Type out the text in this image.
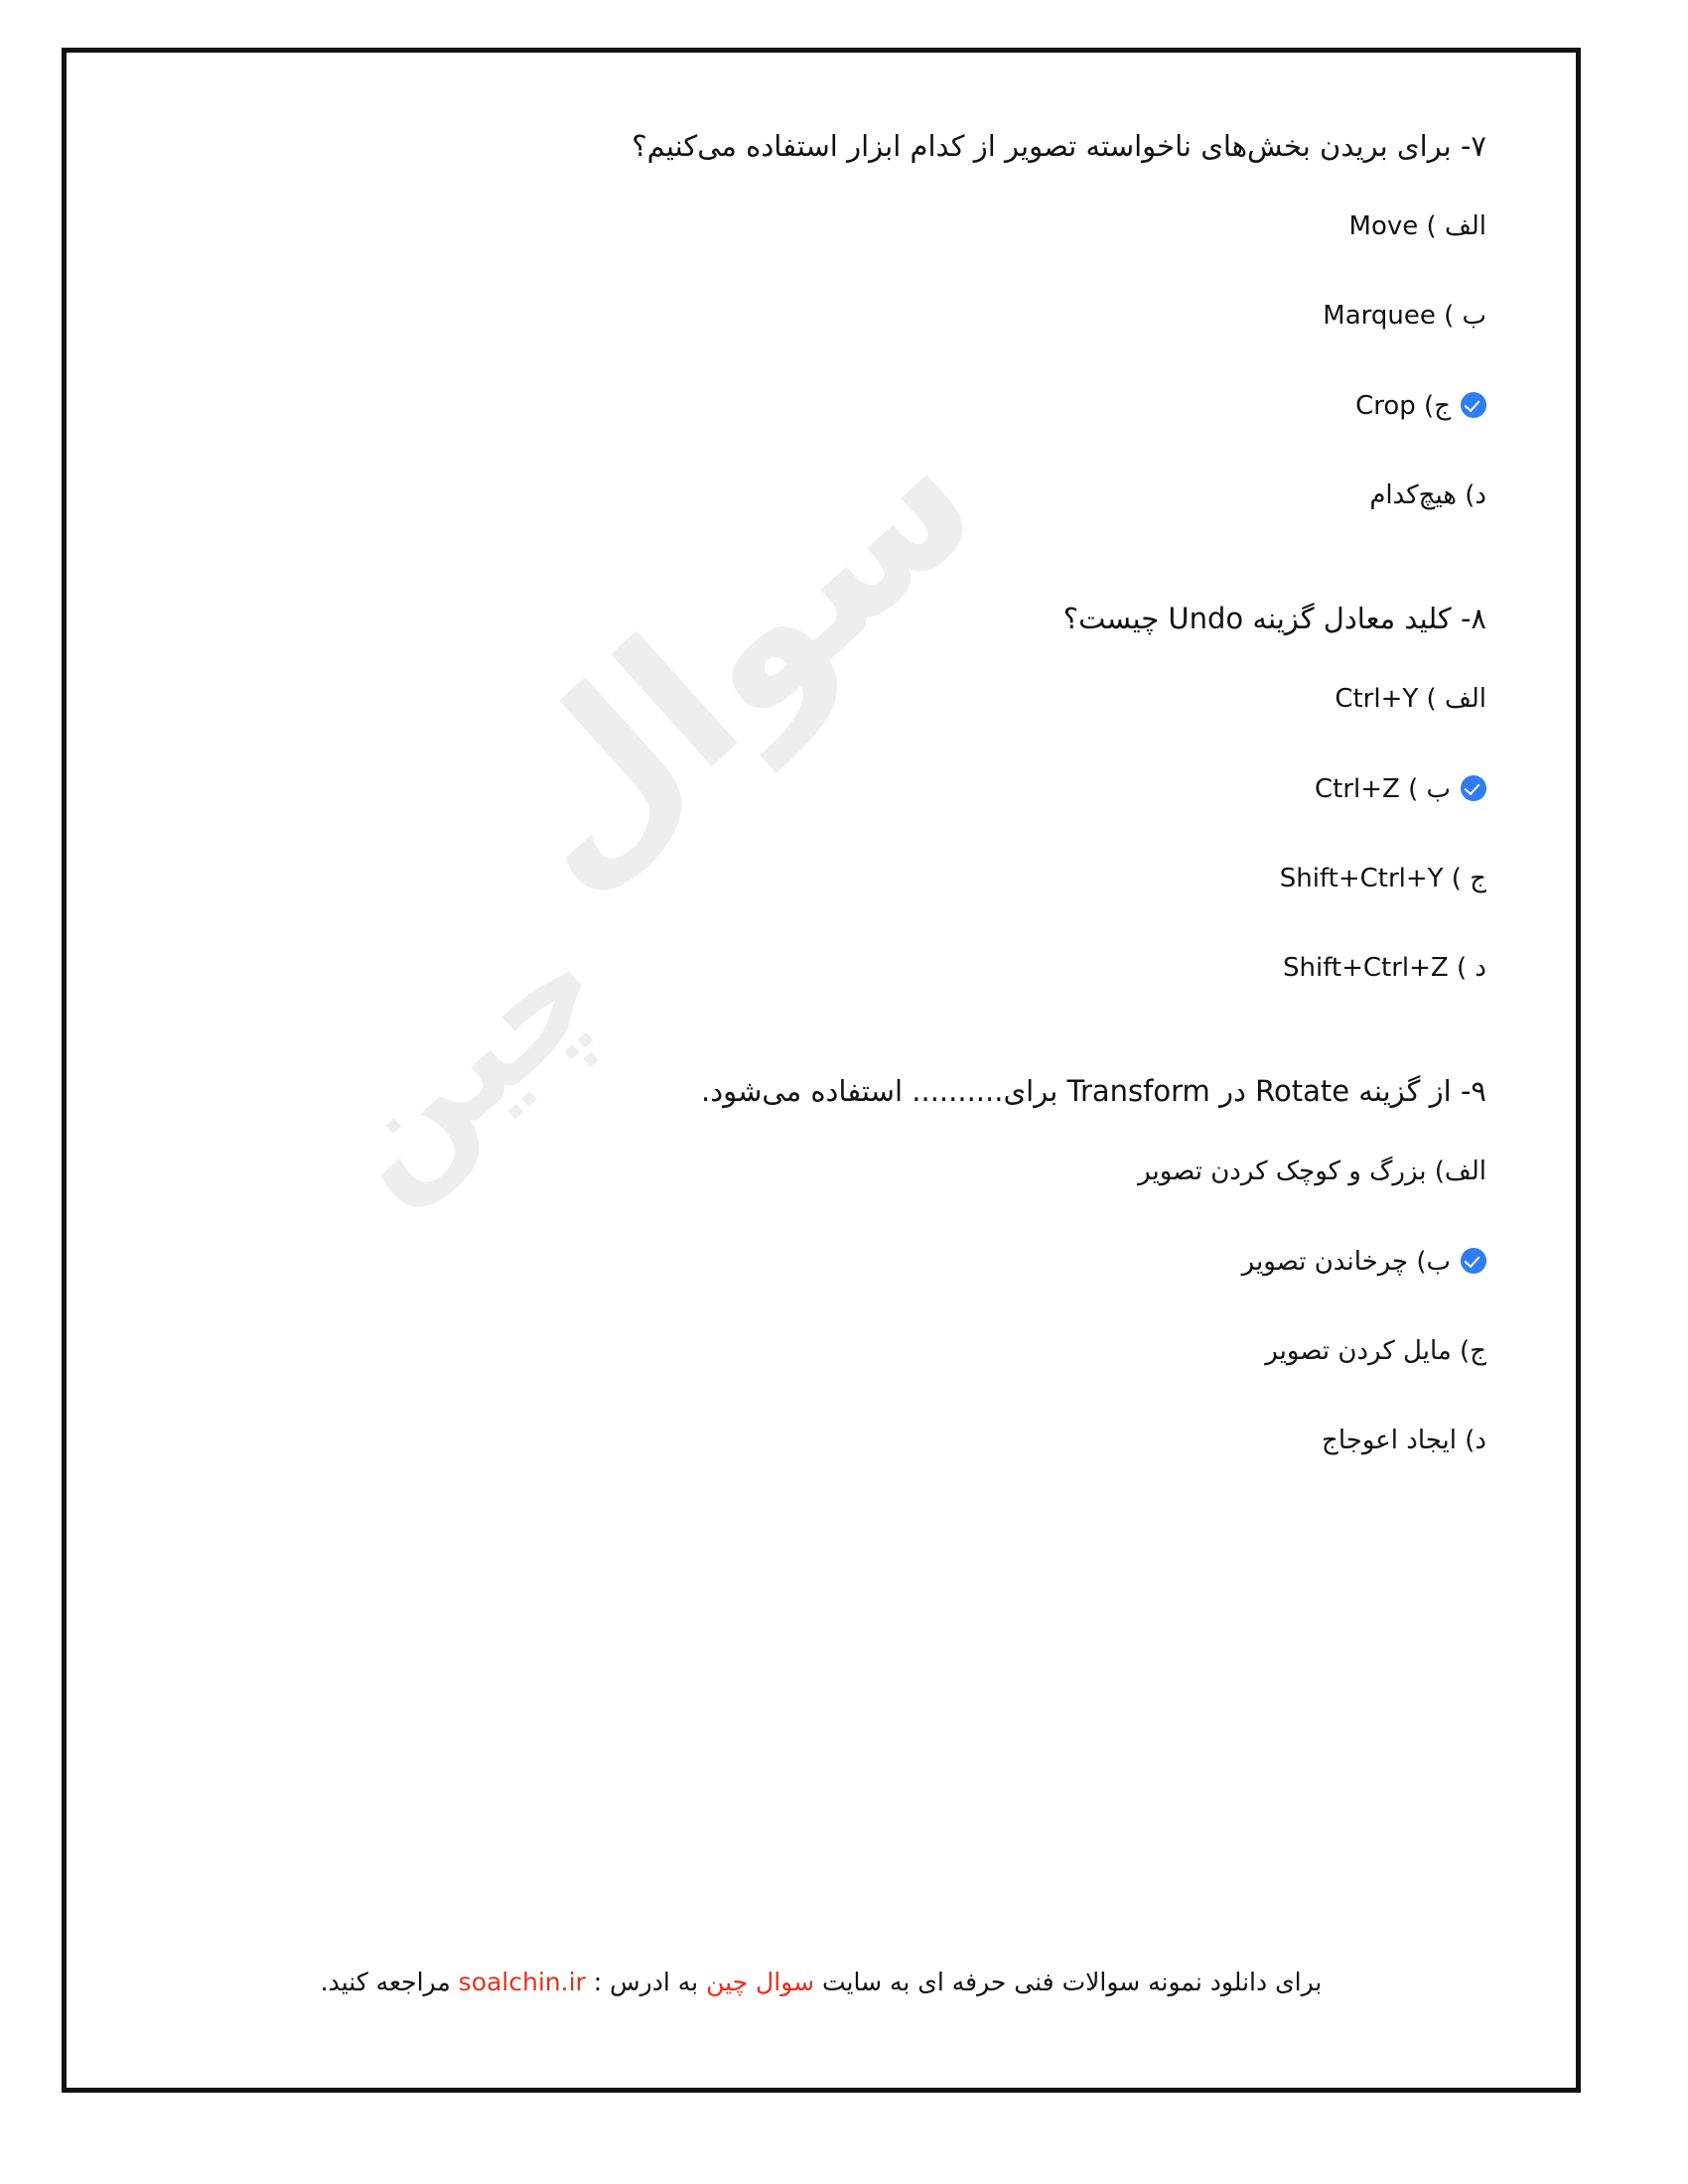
سوال
چین

۷- برای بریدن بخش‌های ناخواسته تصویر از کدام ابزار استفاده می‌کنیم؟

الف ) Move

ب ) Marquee

ج) Crop

د) هیچ‌کدام

۸- کلید معادل گزینه Undo چیست؟

الف ) Ctrl+Y

ب ) Ctrl+Z

ج ) Shift+Ctrl+Y

د ) Shift+Ctrl+Z

۹- از گزینه Rotate در Transform برای.......... استفاده می‌شود.

الف) بزرگ و کوچک کردن تصویر

ب) چرخاندن تصویر

ج) مایل کردن تصویر

د) ایجاد اعوجاج

برای دانلود نمونه سوالات فنی حرفه ای به سایت سوال چین به ادرس : soalchin.ir مراجعه کنید.
